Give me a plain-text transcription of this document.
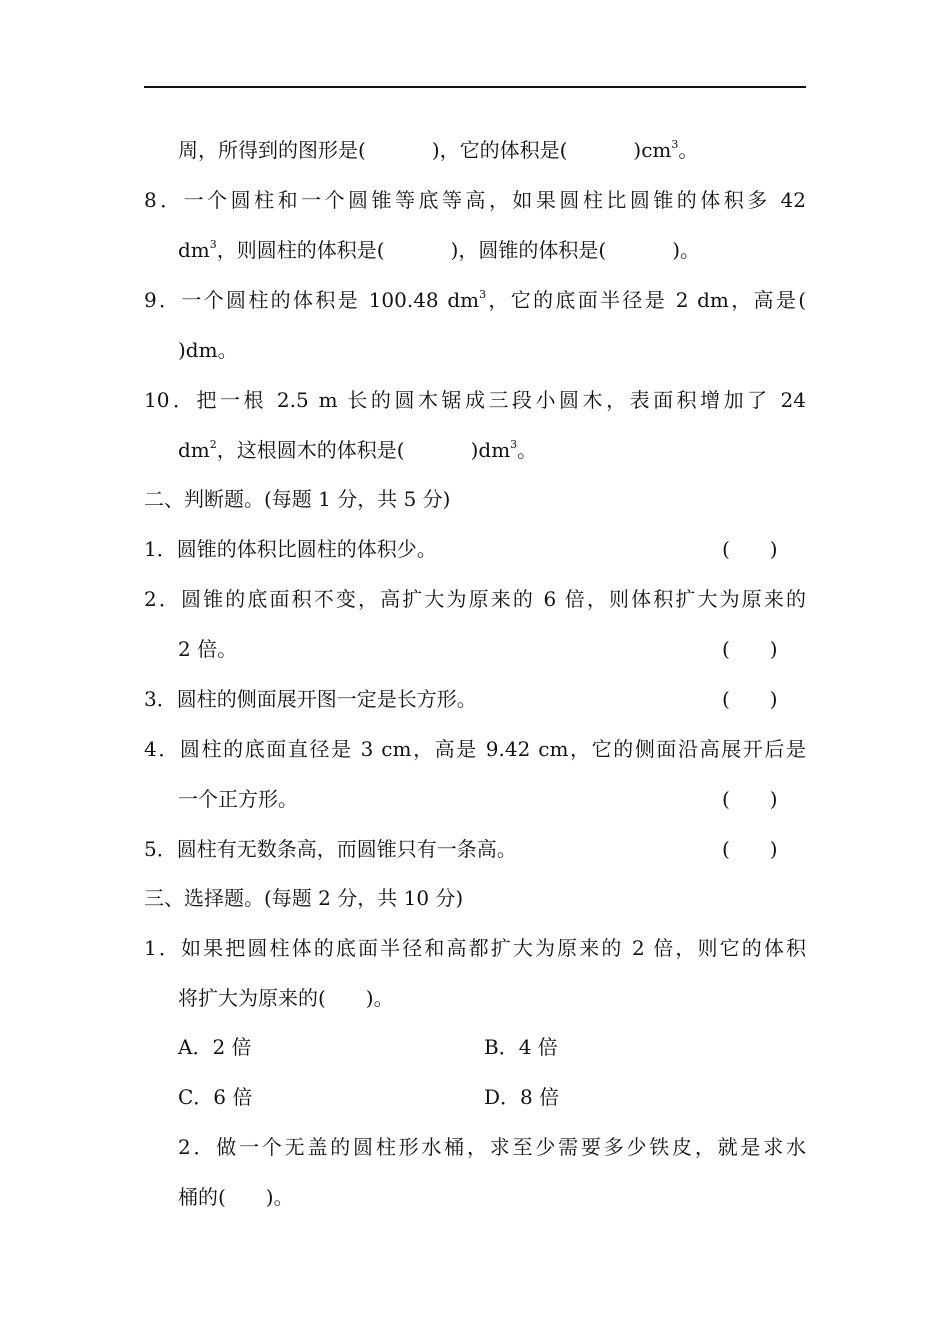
周，所得到的图形是(	)，它的体积是(	)$cm^3$。
8．一个圆柱和一个圆锥等底等高，如果圆柱比圆锥的体积多 42
$dm^3$，则圆柱的体积是(	)，圆锥的体积是(	)。
9．一个圆柱的体积是 100.48 $dm^3$，它的底面半径是 2 dm，高是(
)dm。
10．把一根 2.5 m 长的圆木锯成三段小圆木，表面积增加了 24
$dm^2$，这根圆木的体积是(	)$dm^3$。
二、判断题。(每题 1 分，共 5 分)
1．圆锥的体积比圆柱的体积少。	(　　)
2．圆锥的底面积不变，高扩大为原来的 6 倍，则体积扩大为原来的
2 倍。	(　　)
3．圆柱的侧面展开图一定是长方形。	(　　)
4．圆柱的底面直径是 3 cm，高是 9.42 cm，它的侧面沿高展开后是
一个正方形。	(　　)
5．圆柱有无数条高，而圆锥只有一条高。	(　　)
三、选择题。(每题 2 分，共 10 分)
1．如果把圆柱体的底面半径和高都扩大为原来的 2 倍，则它的体积
将扩大为原来的(　　)。
A．2 倍	B．4 倍
C．6 倍	D．8 倍
2．做一个无盖的圆柱形水桶，求至少需要多少铁皮，就是求水
桶的(　　)。
